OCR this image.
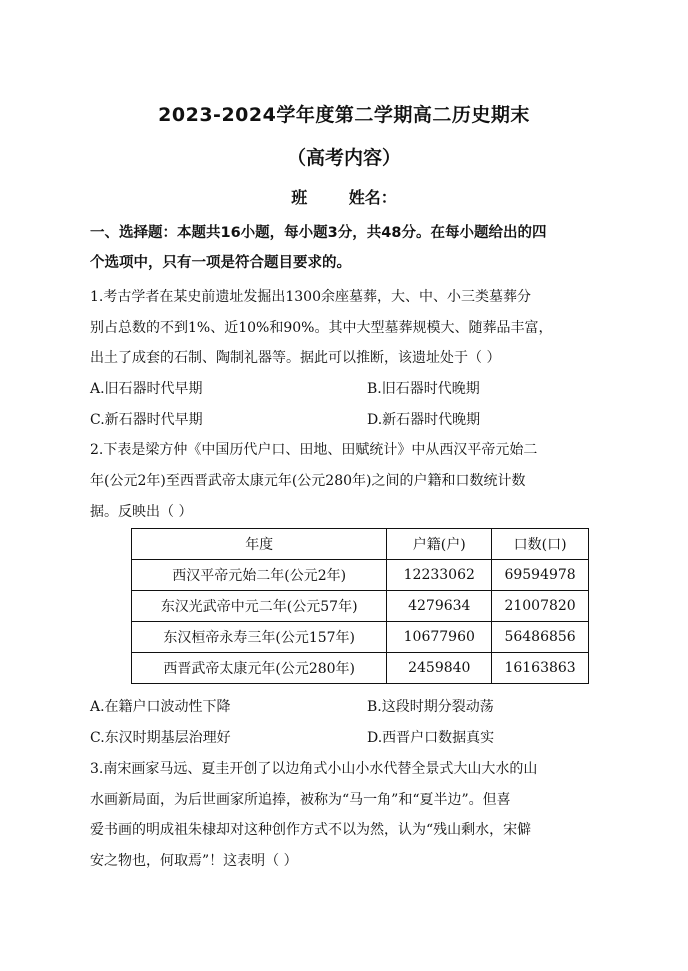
2023-2024学年度第二学期高二历史期末
（高考内容）
班	姓名：
一、选择题：本题共16小题，每小题3分，共48分。在每小题给出的四
个选项中，只有一项是符合题目要求的。
1.考古学者在某史前遗址发掘出1300余座墓葬，大、中、小三类墓葬分
别占总数的不到1%、近10%和90%。其中大型墓葬规模大、随葬品丰富，
出土了成套的石制、陶制礼器等。据此可以推断，该遗址处于（ ）
A.旧石器时代早期	B.旧石器时代晚期
C.新石器时代早期	D.新石器时代晚期
2.下表是梁方仲《中国历代户口、田地、田赋统计》中从西汉平帝元始二
年(公元2年)至西晋武帝太康元年(公元280年)之间的户籍和口数统计数
据。反映出（ ）
年度	户籍(户)	口数(口)
西汉平帝元始二年(公元2年)	12233062	69594978
东汉光武帝中元二年(公元57年)	4279634	21007820
东汉桓帝永寿三年(公元157年)	10677960	56486856
西晋武帝太康元年(公元280年)	2459840	16163863
A.在籍户口波动性下降	B.这段时期分裂动荡
C.东汉时期基层治理好	D.西晋户口数据真实
3.南宋画家马远、夏圭开创了以边角式小山小水代替全景式大山大水的山
水画新局面，为后世画家所追捧，被称为“马一角”和“夏半边”。但喜
爱书画的明成祖朱棣却对这种创作方式不以为然，认为“残山剩水，宋僻
安之物也，何取焉”！这表明（ ）
